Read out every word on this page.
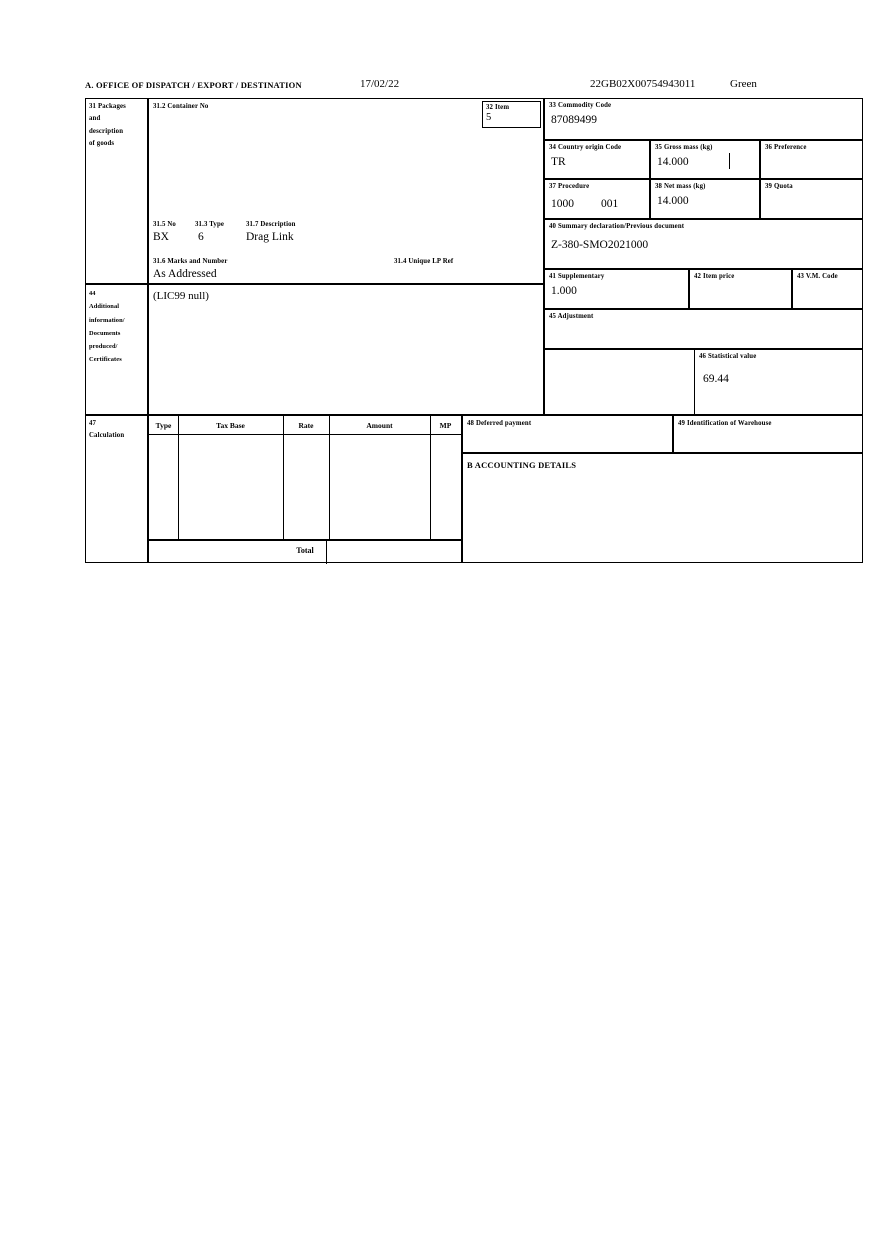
A. OFFICE OF DISPATCH / EXPORT / DESTINATION	17/02/22	22GB02X00754943011	Green
31 Packages
and
description
of goods
31.2 Container No
31.5 No	31.3 Type	31.7 Description
BX	6	Drag Link
31.6 Marks and Number	31.4 Unique LP Ref
As Addressed
32 Item
5
33 Commodity Code
87089499
34 Country origin Code
TR
35 Gross mass (kg)
14.000
36 Preference
37 Procedure
1000 001
38 Net mass (kg)
14.000
39 Quota
40 Summary declaration/Previous document
Z-380-SMO2021000
41 Supplementary
1.000
42 Item price	43 V.M. Code
44
Additional
information/
Documents
produced/
Certificates
(LIC99 null)
45 Adjustment
46 Statistical value
69.44
47
Calculation
Type	Tax Base	Rate	Amount	MP
Total
48 Deferred payment	49 Identification of Warehouse
B ACCOUNTING DETAILS
